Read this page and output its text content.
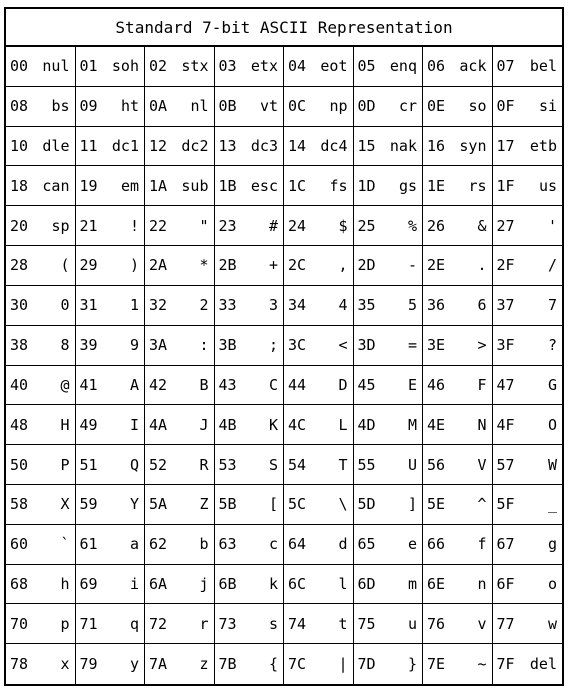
Standard 7-bit ASCII Representation
00 nul 01 soh 02 stx 03 etx 04 eot 05 enq 06 ack 07 bel
08 bs 09 ht 0A nl 0B vt 0C np 0D cr 0E so 0F si
10 dle 11 dc1 12 dc2 13 dc3 14 dc4 15 nak 16 syn 17 etb
18 can 19 em 1A sub 1B esc 1C fs 1D gs 1E rs 1F us
20 sp 21 ! 22 " 23 # 24 $ 25 % 26 & 27 '
28 ( 29 ) 2A * 2B + 2C , 2D - 2E . 2F /
30 0 31 1 32 2 33 3 34 4 35 5 36 6 37 7
38 8 39 9 3A : 3B ; 3C < 3D = 3E > 3F ?
40 @ 41 A 42 B 43 C 44 D 45 E 46 F 47 G
48 H 49 I 4A J 4B K 4C L 4D M 4E N 4F O
50 P 51 Q 52 R 53 S 54 T 55 U 56 V 57 W
58 X 59 Y 5A Z 5B [ 5C \ 5D ] 5E ^ 5F _
60 ` 61 a 62 b 63 c 64 d 65 e 66 f 67 g
68 h 69 i 6A j 6B k 6C l 6D m 6E n 6F o
70 p 71 q 72 r 73 s 74 t 75 u 76 v 77 w
78 x 79 y 7A z 7B { 7C | 7D } 7E ~ 7F del
